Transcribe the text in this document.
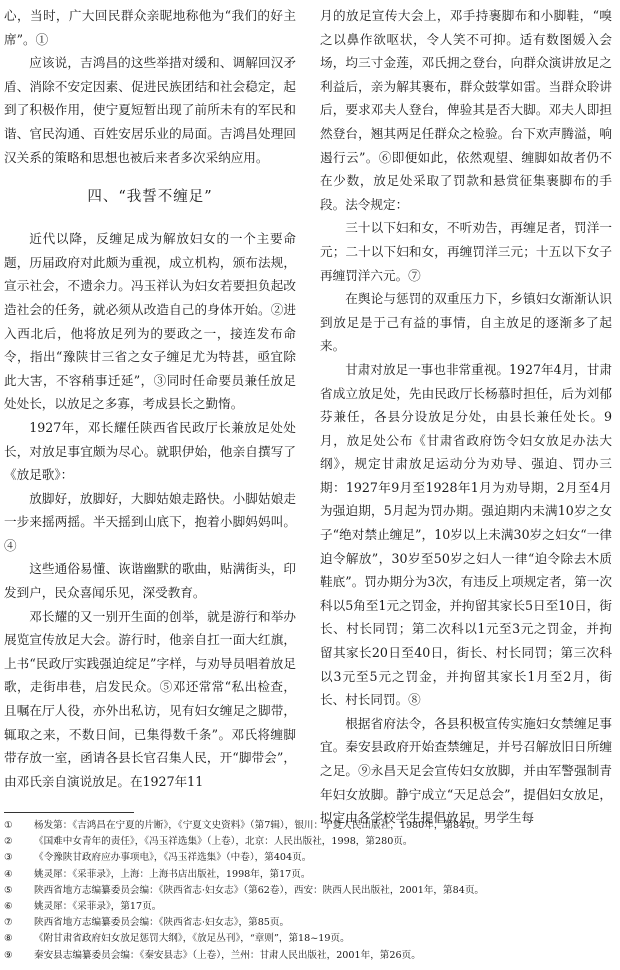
心，当时，广大回民群众亲昵地称他为“我们的好主席”。①

应该说，吉鸿昌的这些举措对缓和、调解回汉矛盾、消除不安定因素、促进民族团结和社会稳定，起到了积极作用，使宁夏短暂出现了前所未有的军民和谐、官民沟通、百姓安居乐业的局面。吉鸿昌处理回汉关系的策略和思想也被后来者多次采纳应用。

四、“我誓不缠足”

近代以降，反缠足成为解放妇女的一个主要命题，历届政府对此颇为重视，成立机构，颁布法规，宣示社会，不遗余力。冯玉祥认为妇女若要担负起改造社会的任务，就必须从改造自己的身体开始。②进入西北后，他将放足列为的要政之一，接连发布命令，指出“豫陕甘三省之女子缠足尤为特甚，亟宜除此大害，不容稍事迁延”，③同时任命要员兼任放足处处长，以放足之多寡，考成县长之勤惰。

1927年，邓长耀任陕西省民政厅长兼放足处处长，对放足事宜颇为尽心。就职伊始，他亲自撰写了《放足歌》：

放脚好，放脚好，大脚姑娘走路快。小脚姑娘走一步来摇两摇。半天摇到山底下，抱着小脚妈妈叫。④

这些通俗易懂、诙谐幽默的歌曲，贴满街头，印发到户，民众喜闻乐见，深受教育。

邓长耀的又一别开生面的创举，就是游行和举办展览宣传放足大会。游行时，他亲自扛一面大红旗，上书“民政厅实践强迫绽足”字样，与劝导员唱着放足歌，走街串巷，启发民众。⑤邓还常常“私出检查，且嘱在厅人役，亦外出私访，见有妇女缠足之脚带，辄取之来，不数日间，已集得数千条”。邓氏将缠脚带存放一室，函请各县长官召集人民，开“脚带会”，由邓氏亲自演说放足。在1927年11

月的放足宣传大会上，邓手持裹脚布和小脚鞋，“嗅之以鼻作欲呕状，令人笑不可抑。适有数图媛入会场，均三寸金莲，邓氏拥之登台，向群众演讲放足之利益后，亲为解其裹布，群众鼓掌如雷。当群众聆讲后，要求邓夫人登台，俾验其是否大脚。邓夫人即担然登台，翘其两足任群众之检验。台下欢声腾溢，响遏行云”。⑥即便如此，依然观望、缠脚如故者仍不在少数，放足处采取了罚款和悬赏征集裹脚布的手段。法令规定：

三十以下妇和女，不听劝告，再缠足者，罚洋一元；二十以下妇和女，再缠罚洋三元；十五以下女子再缠罚洋六元。⑦

在舆论与惩罚的双重压力下，乡镇妇女渐渐认识到放足是于己有益的事情，自主放足的逐渐多了起来。

甘肃对放足一事也非常重视。1927年4月，甘肃省成立放足处，先由民政厅长杨慕时担任，后为刘郁芬兼任，各县分设放足分处，由县长兼任处长。9月，放足处公布《甘肃省政府饬令妇女放足办法大纲》，规定甘肃放足运动分为劝导、强迫、罚办三期：1927年9月至1928年1月为劝导期，2月至4月为强迫期，5月起为罚办期。强迫期内未满10岁之女子“绝对禁止缠足”，10岁以上未满30岁之妇女“一律迫令解放”，30岁至50岁之妇人一律“迫令除去木质鞋底”。罚办期分为3次，有违反上项规定者，第一次科以5角至1元之罚金，并拘留其家长5日至10日，街长、村长同罚；第二次科以1元至3元之罚金，并拘留其家长20日至40日，街长、村长同罚；第三次科以3元至5元之罚金，并拘留其家长1月至2月，街长、村长同罚。⑧

根据省府法令，各县积极宣传实施妇女禁缠足事宜。秦安县政府开始查禁缠足，并号召解放旧日所缠之足。⑨永昌天足会宣传妇女放脚，并由军警强制青年妇女放脚。静宁成立“天足总会”，提倡妇女放足，拟定由各学校学生提倡放足，男学生每

①	杨发第：《吉鸿昌在宁夏的片断》，《宁夏文史资料》（第7辑），银川：宁夏人民出版社，1980年，第84页。
②	《国难中女青年的责任》，《冯玉祥选集》（上卷），北京：人民出版社，1998，第280页。
③	《令豫陕甘政府应办事项电》，《冯玉祥选集》（中卷），第404页。
④	姚灵犀：《采菲录》，上海：上海书店出版社，1998年，第17页。
⑤	陕西省地方志编纂委员会编：《陕西省志·妇女志》（第62卷），西安：陕西人民出版社，2001年，第84页。
⑥	姚灵犀：《采菲录》，第17页。
⑦	陕西省地方志编纂委员会编：《陕西省志·妇女志》，第85页。
⑧	《附甘肃省政府妇女放足惩罚大纲》，《放足丛刊》，“章则”，第18~19页。
⑨	秦安县志编纂委员会编：《秦安县志》（上卷），兰州：甘肃人民出版社，2001年，第26页。
